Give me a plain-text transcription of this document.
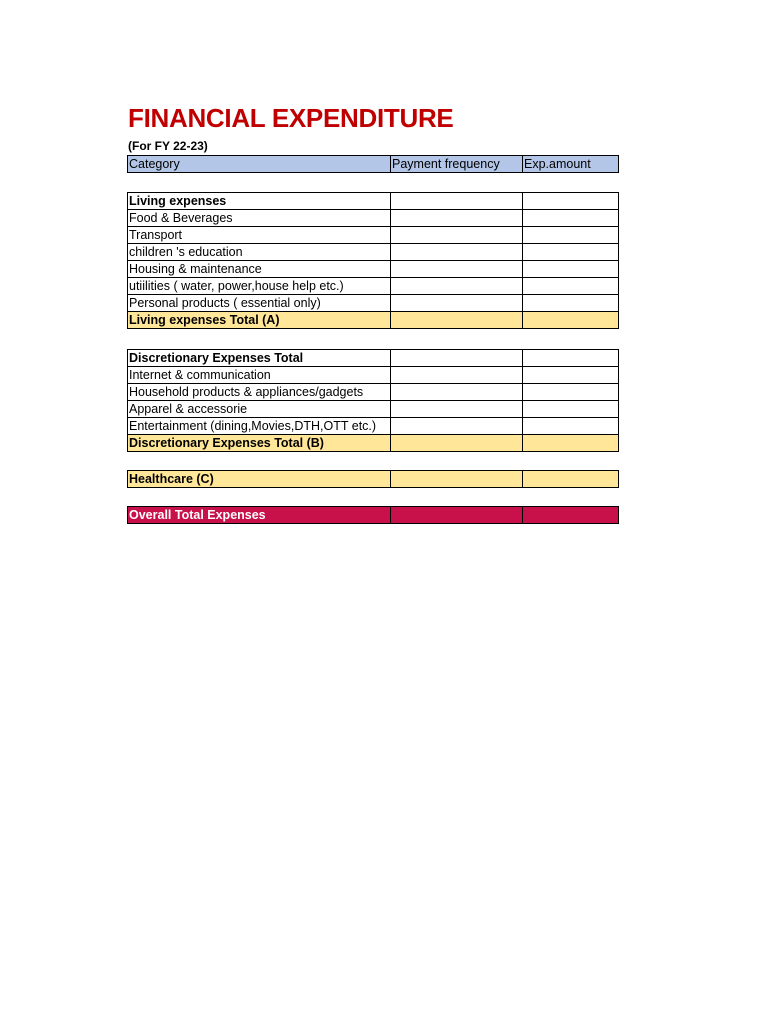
FINANCIAL EXPENDITURE
(For FY 22-23)
Category	Payment frequency	Exp.amount
Living expenses		
Food & Beverages		
Transport		
children 's education		
Housing & maintenance		
utiilities ( water, power,house help etc.)		
Personal products ( essential only)		
Living expenses Total (A)		
Discretionary Expenses Total		
Internet & communication		
Household products & appliances/gadgets		
Apparel & accessorie		
Entertainment (dining,Movies,DTH,OTT etc.)		
Discretionary Expenses Total (B)		
Healthcare (C)		
Overall Total Expenses		
